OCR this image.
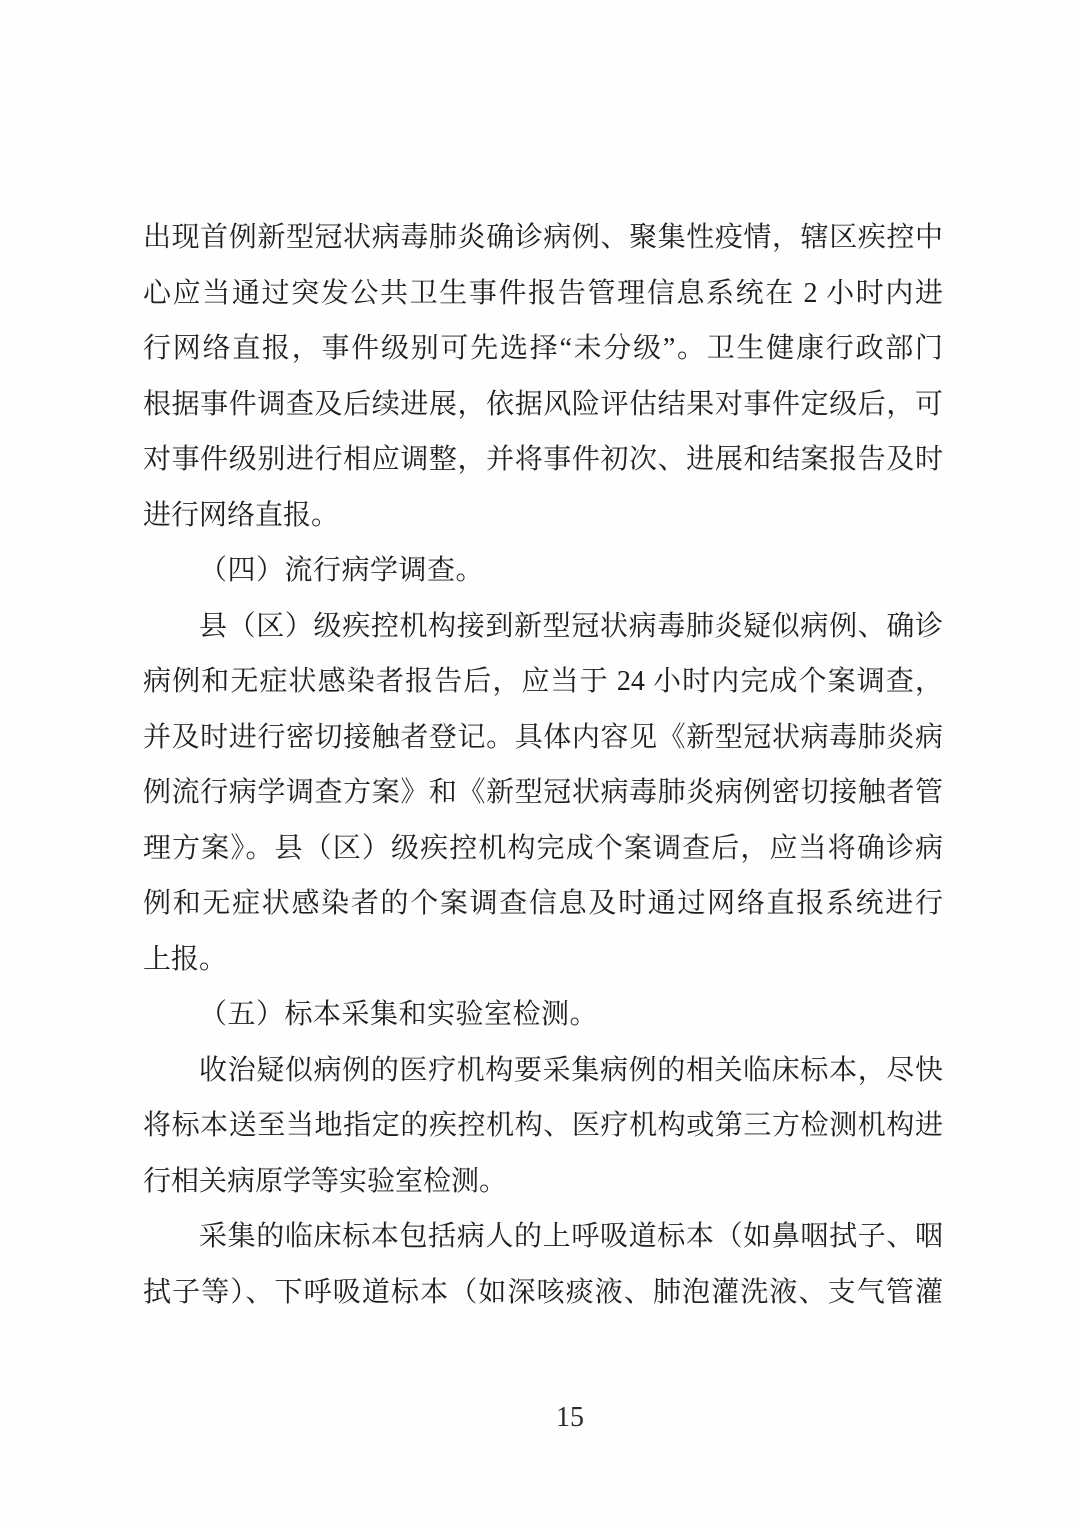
出现首例新型冠状病毒肺炎确诊病例、聚集性疫情，辖区疾控中
心应当通过突发公共卫生事件报告管理信息系统在 2 小时内进
行网络直报，事件级别可先选择“未分级”。卫生健康行政部门
根据事件调查及后续进展，依据风险评估结果对事件定级后，可
对事件级别进行相应调整，并将事件初次、进展和结案报告及时
进行网络直报。
（四）流行病学调查。
县（区）级疾控机构接到新型冠状病毒肺炎疑似病例、确诊
病例和无症状感染者报告后，应当于 24 小时内完成个案调查，
并及时进行密切接触者登记。具体内容见《新型冠状病毒肺炎病
例流行病学调查方案》和《新型冠状病毒肺炎病例密切接触者管
理方案》。县（区）级疾控机构完成个案调查后，应当将确诊病
例和无症状感染者的个案调查信息及时通过网络直报系统进行
上报。
（五）标本采集和实验室检测。
收治疑似病例的医疗机构要采集病例的相关临床标本，尽快
将标本送至当地指定的疾控机构、医疗机构或第三方检测机构进
行相关病原学等实验室检测。
采集的临床标本包括病人的上呼吸道标本（如鼻咽拭子、咽
拭子等）、下呼吸道标本（如深咳痰液、肺泡灌洗液、支气管灌
15
